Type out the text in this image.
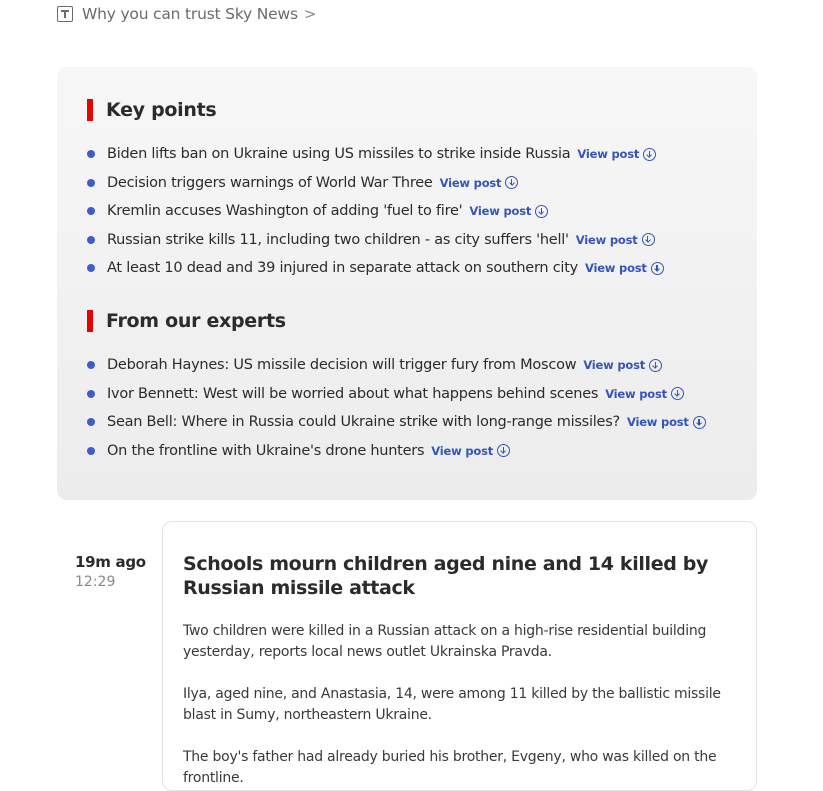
Why you can trust Sky News >
Key points
Biden lifts ban on Ukraine using US missiles to strike inside Russia View post
Decision triggers warnings of World War Three View post
Kremlin accuses Washington of adding 'fuel to fire' View post
Russian strike kills 11, including two children - as city suffers 'hell' View post
At least 10 dead and 39 injured in separate attack on southern city View post
From our experts
Deborah Haynes: US missile decision will trigger fury from Moscow View post
Ivor Bennett: West will be worried about what happens behind scenes View post
Sean Bell: Where in Russia could Ukraine strike with long-range missiles? View post
On the frontline with Ukraine's drone hunters View post
19m ago
12:29
Schools mourn children aged nine and 14 killed by Russian missile attack

Two children were killed in a Russian attack on a high-rise residential building yesterday, reports local news outlet Ukrainska Pravda.

Ilya, aged nine, and Anastasia, 14, were among 11 killed by the ballistic missile blast in Sumy, northeastern Ukraine.

The boy's father had already buried his brother, Evgeny, who was killed on the frontline.
